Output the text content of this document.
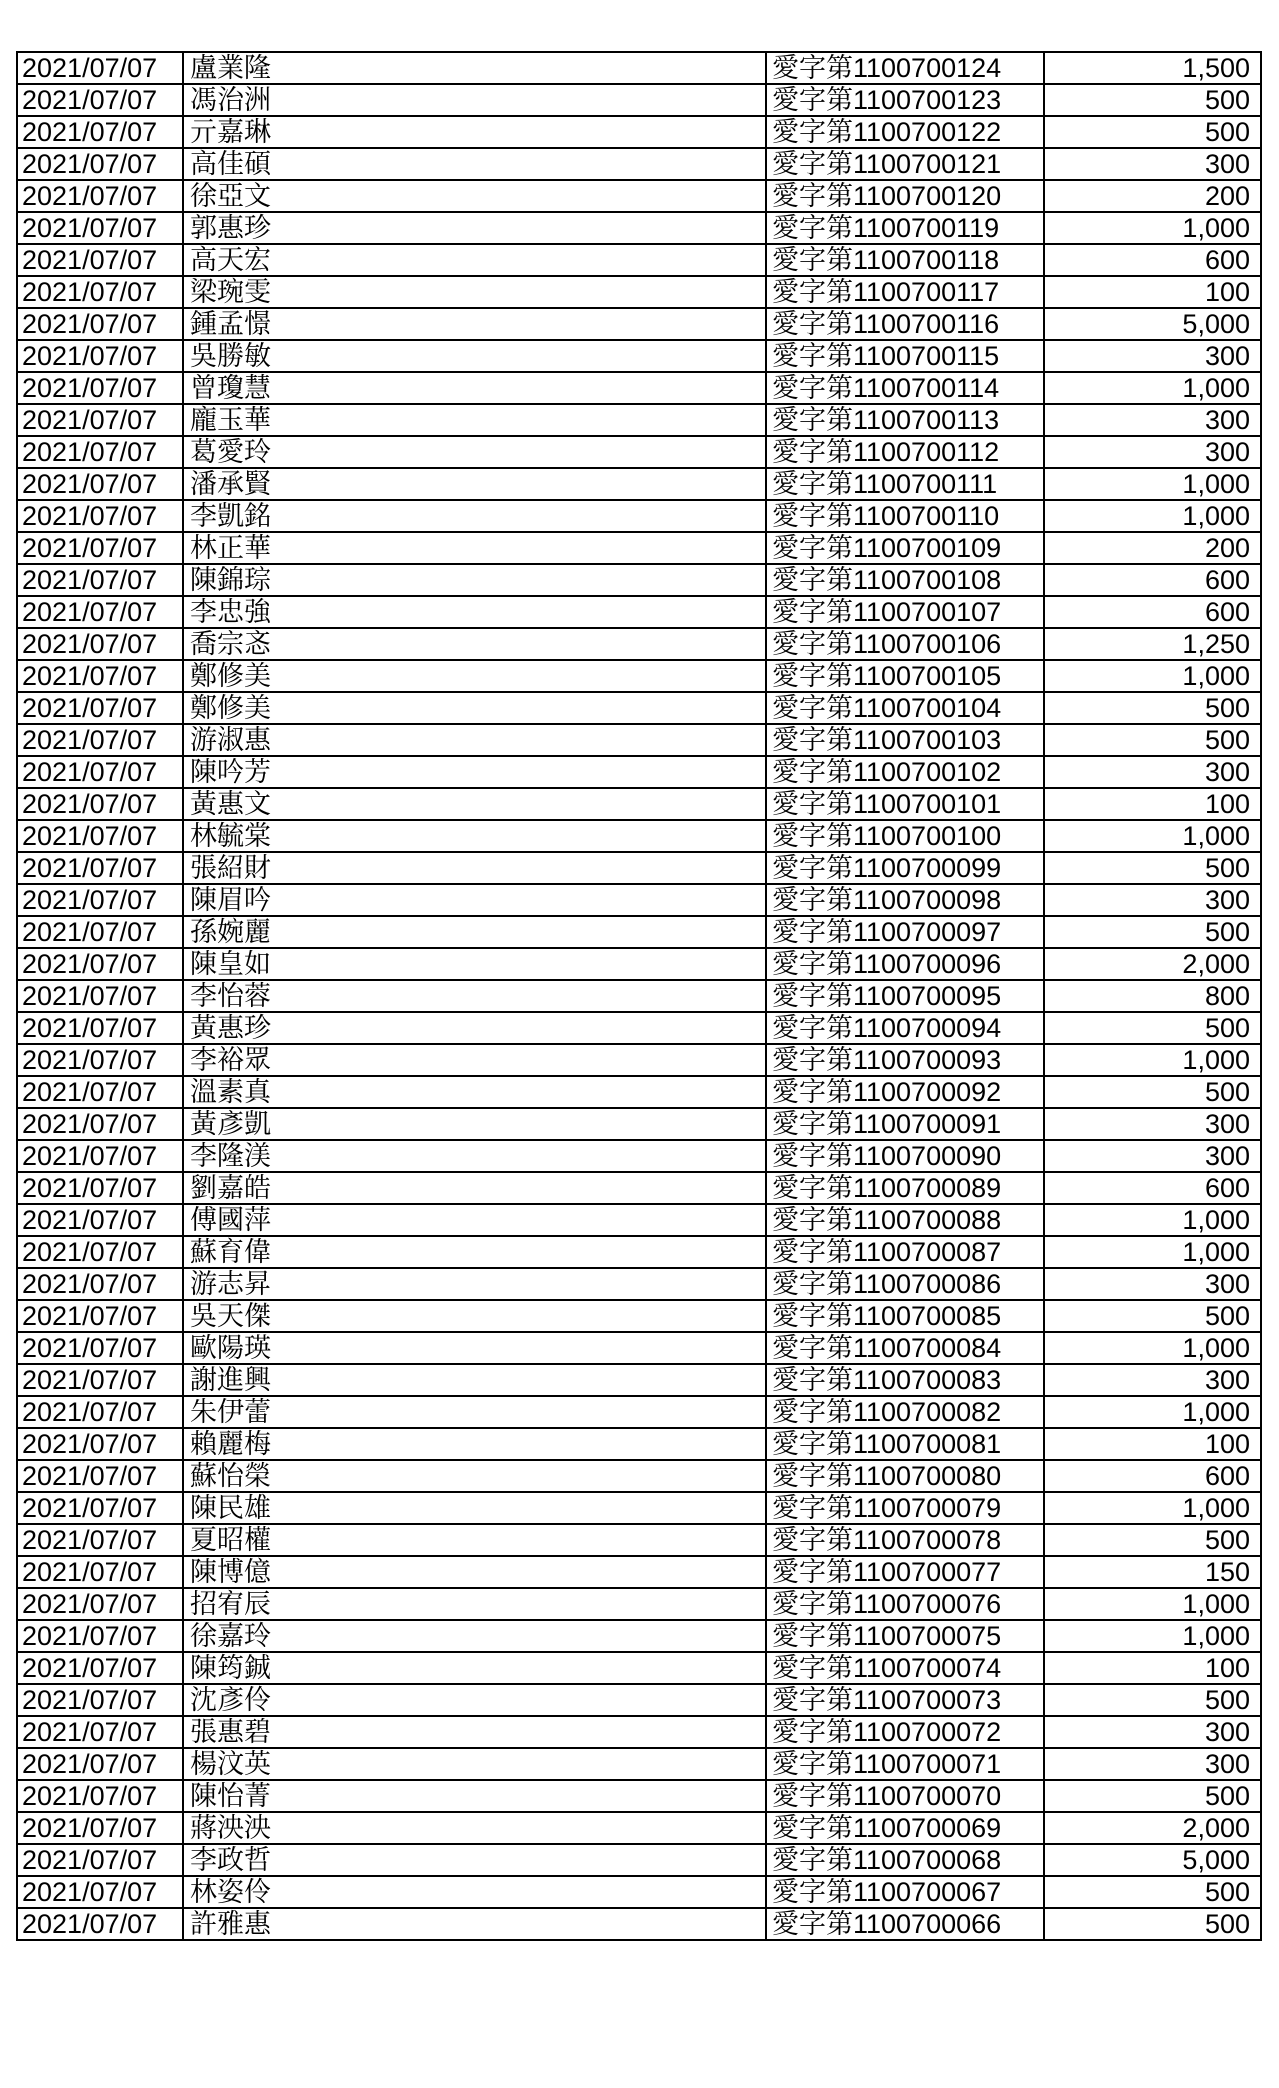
2021/07/07	盧業隆	愛字第1100700124	1,500
2021/07/07	馮治洲	愛字第1100700123	500
2021/07/07	亓嘉琳	愛字第1100700122	500
2021/07/07	高佳碩	愛字第1100700121	300
2021/07/07	徐亞文	愛字第1100700120	200
2021/07/07	郭惠珍	愛字第1100700119	1,000
2021/07/07	高天宏	愛字第1100700118	600
2021/07/07	梁琬雯	愛字第1100700117	100
2021/07/07	鍾孟憬	愛字第1100700116	5,000
2021/07/07	吳勝敏	愛字第1100700115	300
2021/07/07	曾瓊慧	愛字第1100700114	1,000
2021/07/07	龐玉華	愛字第1100700113	300
2021/07/07	葛愛玲	愛字第1100700112	300
2021/07/07	潘承賢	愛字第1100700111	1,000
2021/07/07	李凱銘	愛字第1100700110	1,000
2021/07/07	林正華	愛字第1100700109	200
2021/07/07	陳錦琮	愛字第1100700108	600
2021/07/07	李忠強	愛字第1100700107	600
2021/07/07	喬宗忞	愛字第1100700106	1,250
2021/07/07	鄭修美	愛字第1100700105	1,000
2021/07/07	鄭修美	愛字第1100700104	500
2021/07/07	游淑惠	愛字第1100700103	500
2021/07/07	陳吟芳	愛字第1100700102	300
2021/07/07	黃惠文	愛字第1100700101	100
2021/07/07	林毓棠	愛字第1100700100	1,000
2021/07/07	張紹財	愛字第1100700099	500
2021/07/07	陳眉吟	愛字第1100700098	300
2021/07/07	孫婉麗	愛字第1100700097	500
2021/07/07	陳皇如	愛字第1100700096	2,000
2021/07/07	李怡蓉	愛字第1100700095	800
2021/07/07	黃惠珍	愛字第1100700094	500
2021/07/07	李裕眾	愛字第1100700093	1,000
2021/07/07	溫素真	愛字第1100700092	500
2021/07/07	黃彥凱	愛字第1100700091	300
2021/07/07	李隆渼	愛字第1100700090	300
2021/07/07	劉嘉皓	愛字第1100700089	600
2021/07/07	傅國萍	愛字第1100700088	1,000
2021/07/07	蘇育偉	愛字第1100700087	1,000
2021/07/07	游志昇	愛字第1100700086	300
2021/07/07	吳天傑	愛字第1100700085	500
2021/07/07	歐陽瑛	愛字第1100700084	1,000
2021/07/07	謝進興	愛字第1100700083	300
2021/07/07	朱伊蕾	愛字第1100700082	1,000
2021/07/07	賴麗梅	愛字第1100700081	100
2021/07/07	蘇怡榮	愛字第1100700080	600
2021/07/07	陳民雄	愛字第1100700079	1,000
2021/07/07	夏昭權	愛字第1100700078	500
2021/07/07	陳博億	愛字第1100700077	150
2021/07/07	招宥辰	愛字第1100700076	1,000
2021/07/07	徐嘉玲	愛字第1100700075	1,000
2021/07/07	陳筠鋮	愛字第1100700074	100
2021/07/07	沈彥伶	愛字第1100700073	500
2021/07/07	張惠碧	愛字第1100700072	300
2021/07/07	楊汶英	愛字第1100700071	300
2021/07/07	陳怡菁	愛字第1100700070	500
2021/07/07	蔣泱泱	愛字第1100700069	2,000
2021/07/07	李政哲	愛字第1100700068	5,000
2021/07/07	林姿伶	愛字第1100700067	500
2021/07/07	許雅惠	愛字第1100700066	500
